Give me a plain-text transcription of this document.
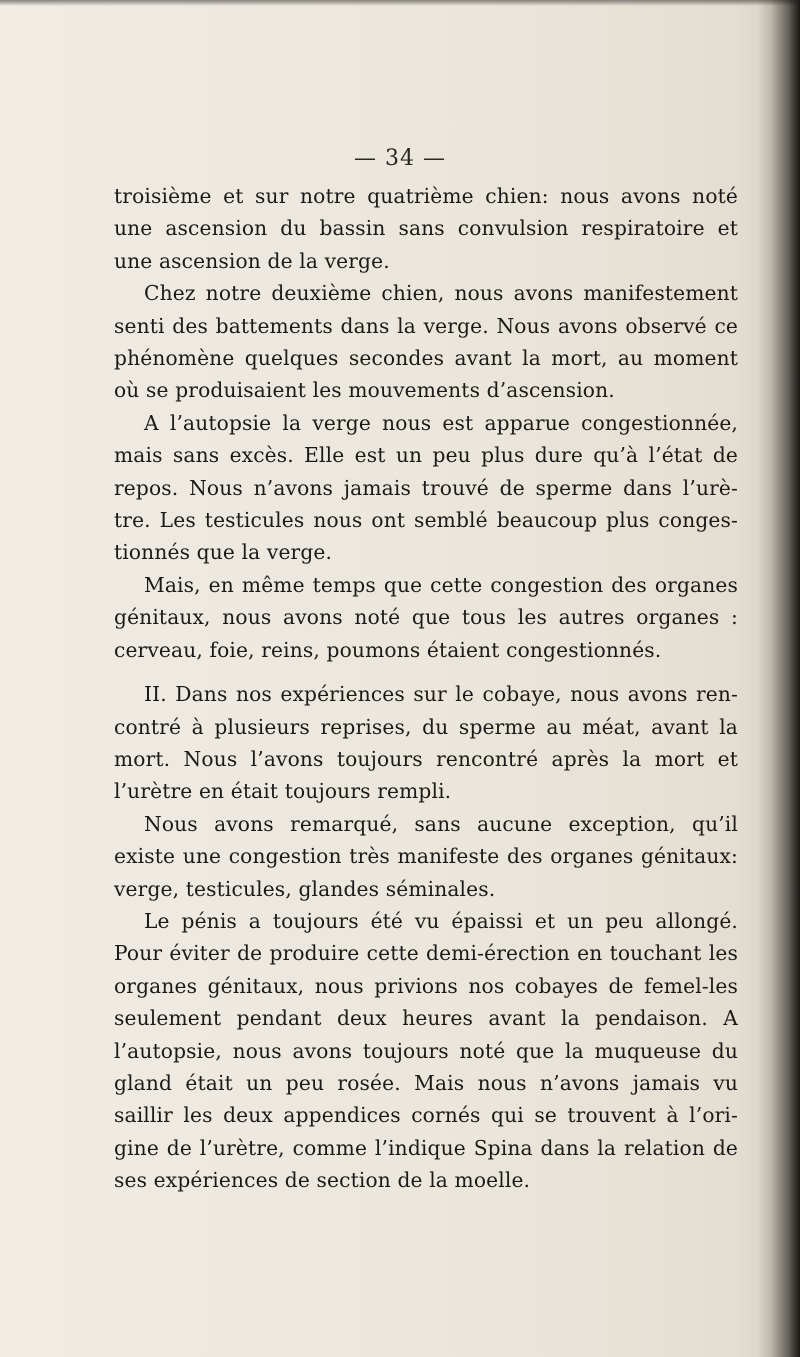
— 34 —

troisième et sur notre quatrième chien: nous avons noté une ascension du bassin sans convulsion respiratoire et une ascension de la verge.

Chez notre deuxième chien, nous avons manifestement senti des battements dans la verge. Nous avons observé ce phénomène quelques secondes avant la mort, au moment où se produisaient les mouvements d’ascension.

A l’autopsie la verge nous est apparue congestionnée, mais sans excès. Elle est un peu plus dure qu’à l’état de repos. Nous n’avons jamais trouvé de sperme dans l’urè-tre. Les testicules nous ont semblé beaucoup plus conges-tionnés que la verge.

Mais, en même temps que cette congestion des organes génitaux, nous avons noté que tous les autres organes : cerveau, foie, reins, poumons étaient congestionnés.

II. Dans nos expériences sur le cobaye, nous avons ren-contré à plusieurs reprises, du sperme au méat, avant la mort. Nous l’avons toujours rencontré après la mort et l’urètre en était toujours rempli.

Nous avons remarqué, sans aucune exception, qu’il existe une congestion très manifeste des organes génitaux: verge, testicules, glandes séminales.

Le pénis a toujours été vu épaissi et un peu allongé. Pour éviter de produire cette demi-érection en touchant les organes génitaux, nous privions nos cobayes de femel-les seulement pendant deux heures avant la pendaison. A l’autopsie, nous avons toujours noté que la muqueuse du gland était un peu rosée. Mais nous n’avons jamais vu saillir les deux appendices cornés qui se trouvent à l’ori-gine de l’urètre, comme l’indique Spina dans la relation de ses expériences de section de la moelle.
